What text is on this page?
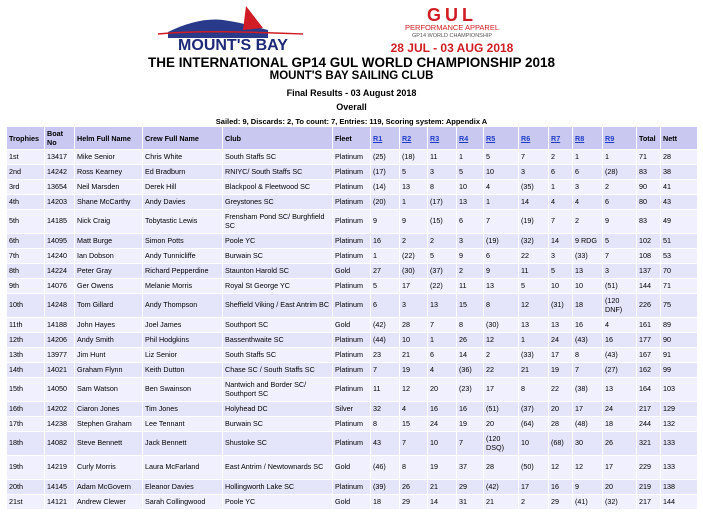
MOUNT'S BAY
GUL
PERFORMANCE APPAREL
GP14 WORLD CHAMPIONSHIP
28 JUL - 03 AUG 2018
THE INTERNATIONAL GP14 GUL WORLD CHAMPIONSHIP 2018
MOUNT'S BAY SAILING CLUB
Final Results - 03 August 2018
Overall
Sailed: 9, Discards: 2, To count: 7, Entries: 119, Scoring system: Appendix A
Trophies	Boat No	Helm Full Name	Crew Full Name	Club	Fleet	R1	R2	R3	R4	R5	R6	R7	R8	R9	Total	Nett
1st	13417	Mike Senior	Chris White	South Staffs SC	Platinum	(25)	(18)	11	1	5	7	2	1	1	71	28
2nd	14242	Ross Kearney	Ed Bradburn	RNIYC/ South Staffs SC	Platinum	(17)	5	3	5	10	3	6	6	(28)	83	38
3rd	13654	Neil Marsden	Derek Hill	Blackpool & Fleetwood SC	Platinum	(14)	13	8	10	4	(35)	1	3	2	90	41
4th	14203	Shane McCarthy	Andy Davies	Greystones SC	Platinum	(20)	1	(17)	13	1	14	4	4	6	80	43
5th	14185	Nick Craig	Tobytastic Lewis	Frensham Pond SC/ Burghfield SC	Platinum	9	9	(15)	6	7	(19)	7	2	9	83	49
6th	14095	Matt Burge	Simon Potts	Poole YC	Platinum	16	2	2	3	(19)	(32)	14	9 RDG	5	102	51
7th	14240	Ian Dobson	Andy Tunnicliffe	Burwain SC	Platinum	1	(22)	5	9	6	22	3	(33)	7	108	53
8th	14224	Peter Gray	Richard Pepperdine	Staunton Harold SC	Gold	27	(30)	(37)	2	9	11	5	13	3	137	70
9th	14076	Ger Owens	Melanie Morris	Royal St George YC	Platinum	5	17	(22)	11	13	5	10	10	(51)	144	71
10th	14248	Tom Gillard	Andy Thompson	Sheffield Viking / East Antrim BC	Platinum	6	3	13	15	8	12	(31)	18	(120 DNF)	226	75
11th	14188	John Hayes	Joel James	Southport SC	Gold	(42)	28	7	8	(30)	13	13	16	4	161	89
12th	14206	Andy Smith	Phil Hodgkins	Bassenthwaite SC	Platinum	(44)	10	1	26	12	1	24	(43)	16	177	90
13th	13977	Jim Hunt	Liz Senior	South Staffs SC	Platinum	23	21	6	14	2	(33)	17	8	(43)	167	91
14th	14021	Graham Flynn	Keith Dutton	Chase SC / South Staffs SC	Platinum	7	19	4	(36)	22	21	19	7	(27)	162	99
15th	14050	Sam Watson	Ben Swainson	Nantwich and Border SC/ Southport SC	Platinum	11	12	20	(23)	17	8	22	(38)	13	164	103
16th	14202	Ciaron Jones	Tim Jones	Holyhead DC	Silver	32	4	16	16	(51)	(37)	20	17	24	217	129
17th	14238	Stephen Graham	Lee Tennant	Burwain SC	Platinum	8	15	24	19	20	(64)	28	(48)	18	244	132
18th	14082	Steve Bennett	Jack Bennett	Shustoke SC	Platinum	43	7	10	7	(120 DSQ)	10	(68)	30	26	321	133
19th	14219	Curly Morris	Laura McFarland	East Antrim / Newtownards SC	Gold	(46)	8	19	37	28	(50)	12	12	17	229	133
20th	14145	Adam McGovern	Eleanor Davies	Hollingworth Lake SC	Platinum	(39)	26	21	29	(42)	17	16	9	20	219	138
21st	14121	Andrew Clewer	Sarah Collingwood	Poole YC	Gold	18	29	14	31	21	2	29	(41)	(32)	217	144
